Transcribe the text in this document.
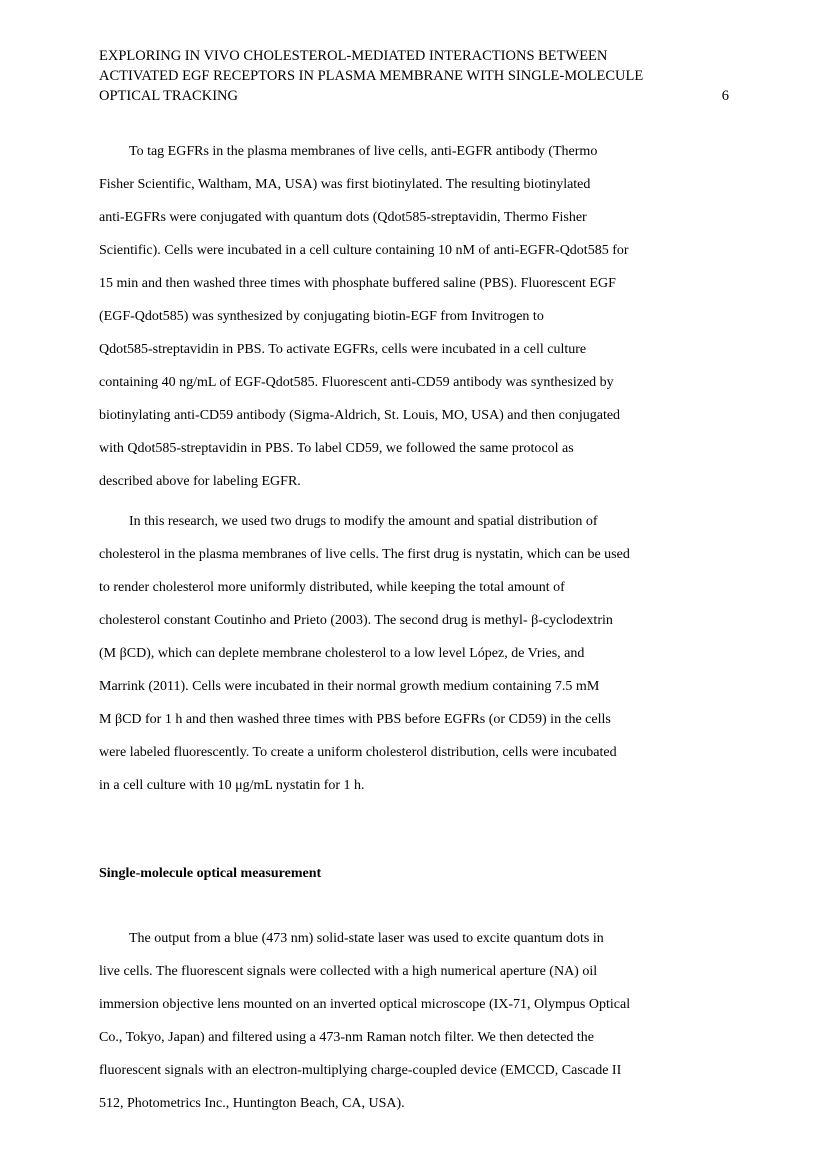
EXPLORING IN VIVO CHOLESTEROL-MEDIATED INTERACTIONS BETWEEN
ACTIVATED EGF RECEPTORS IN PLASMA MEMBRANE WITH SINGLE-MOLECULE
OPTICAL TRACKING	6
To tag EGFRs in the plasma membranes of live cells, anti-EGFR antibody (Thermo
Fisher Scientific, Waltham, MA, USA) was first biotinylated. The resulting biotinylated
anti-EGFRs were conjugated with quantum dots (Qdot585-streptavidin, Thermo Fisher
Scientific). Cells were incubated in a cell culture containing 10 nM of anti-EGFR-Qdot585 for
15 min and then washed three times with phosphate buffered saline (PBS). Fluorescent EGF
(EGF-Qdot585) was synthesized by conjugating biotin-EGF from Invitrogen to
Qdot585-streptavidin in PBS. To activate EGFRs, cells were incubated in a cell culture
containing 40 ng/mL of EGF-Qdot585. Fluorescent anti-CD59 antibody was synthesized by
biotinylating anti-CD59 antibody (Sigma-Aldrich, St. Louis, MO, USA) and then conjugated
with Qdot585-streptavidin in PBS. To label CD59, we followed the same protocol as
described above for labeling EGFR.
In this research, we used two drugs to modify the amount and spatial distribution of
cholesterol in the plasma membranes of live cells. The first drug is nystatin, which can be used
to render cholesterol more uniformly distributed, while keeping the total amount of
cholesterol constant Coutinho and Prieto (2003). The second drug is methyl- β-cyclodextrin
(M βCD), which can deplete membrane cholesterol to a low level López, de Vries, and
Marrink (2011). Cells were incubated in their normal growth medium containing 7.5 mM
M βCD for 1 h and then washed three times with PBS before EGFRs (or CD59) in the cells
were labeled fluorescently. To create a uniform cholesterol distribution, cells were incubated
in a cell culture with 10 μg/mL nystatin for 1 h.
Single-molecule optical measurement
The output from a blue (473 nm) solid-state laser was used to excite quantum dots in
live cells. The fluorescent signals were collected with a high numerical aperture (NA) oil
immersion objective lens mounted on an inverted optical microscope (IX-71, Olympus Optical
Co., Tokyo, Japan) and filtered using a 473-nm Raman notch filter. We then detected the
fluorescent signals with an electron-multiplying charge-coupled device (EMCCD, Cascade II
512, Photometrics Inc., Huntington Beach, CA, USA).
